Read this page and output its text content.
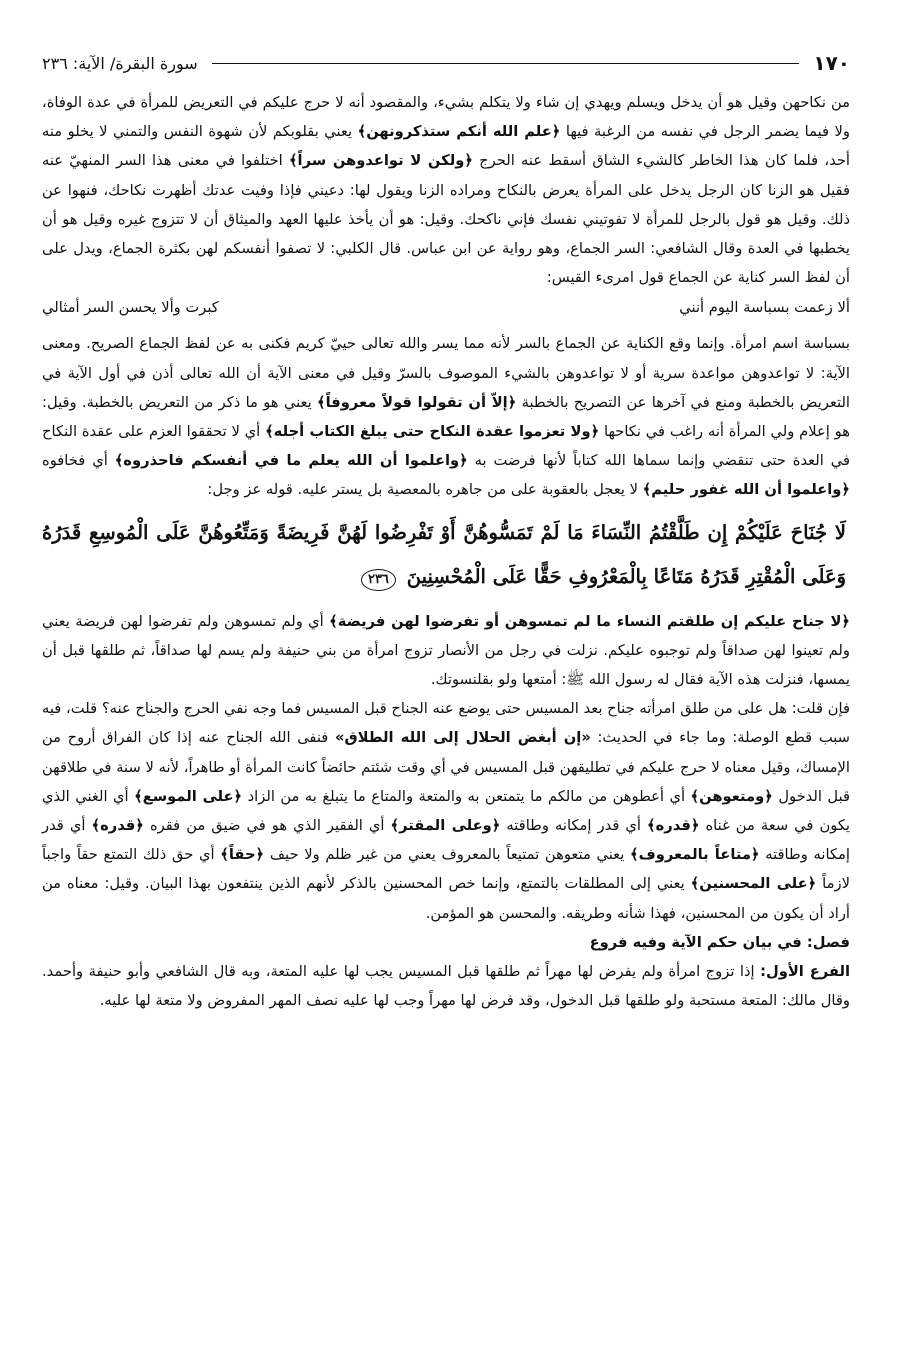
١٧٠
سورة البقرة/ الآية: ٢٣٦

من نكاحهن وقيل هو أن يدخل ويسلم ويهدي إن شاء ولا يتكلم بشيء، والمقصود أنه لا حرج عليكم في التعريض للمرأة في عدة الوفاة، ولا فيما يضمر الرجل في نفسه من الرغبة فيها ﴿علم الله أنكم ستذكرونهن﴾ يعني بقلوبكم لأن شهوة النفس والتمني لا يخلو منه أحد، فلما كان هذا الخاطر كالشيء الشاق أسقط عنه الحرج ﴿ولكن لا تواعدوهن سراً﴾ اختلفوا في معنى هذا السر المنهيّ عنه فقيل هو الزنا كان الرجل يدخل على المرأة يعرض بالنكاح ومراده الزنا ويقول لها: دعيني فإذا وفيت عدتك أظهرت نكاحك، فنهوا عن ذلك. وقيل هو قول بالرجل للمرأة لا تفوتيني نفسك فإني ناكحك. وقيل: هو أن يأخذ عليها العهد والميثاق أن لا تتزوج غيره وقيل هو أن يخطبها في العدة وقال الشافعي: السر الجماع، وهو رواية عن ابن عباس. قال الكلبي: لا تصفوا أنفسكم لهن بكثرة الجماع، ويدل على أن لفظ السر كناية عن الجماع قول امرىء القيس:

ألا زعمت بسباسة اليوم أنني
كبرت وألا يحسن السر أمثالي

بسباسة اسم امرأة. وإنما وقع الكناية عن الجماع بالسر لأنه مما يسر والله تعالى حييّ كريم فكنى به عن لفظ الجماع الصريح. ومعنى الآية: لا تواعدوهن مواعدة سرية أو لا تواعدوهن بالشيء الموصوف بالسرّ وقيل في معنى الآية أن الله تعالى أذن في أول الآية في التعريض بالخطبة ومنع في آخرها عن التصريح بالخطبة ﴿إلاّ أن تقولوا قولاً معروفاً﴾ يعني هو ما ذكر من التعريض بالخطبة. وقيل: هو إعلام ولي المرأة أنه راغب في نكاحها ﴿ولا تعزموا عقدة النكاح حتى يبلغ الكتاب أجله﴾ أي لا تحققوا العزم على عقدة النكاح في العدة حتى تنقضي وإنما سماها الله كتاباً لأنها فرضت به ﴿واعلموا أن الله يعلم ما في أنفسكم فاحذروه﴾ أي فخافوه ﴿واعلموا أن الله غفور حليم﴾ لا يعجل بالعقوبة على من جاهره بالمعصية بل يستر عليه. قوله عز وجل:

لَا جُنَاحَ عَلَيْكُمْ إِن طَلَّقْتُمُ النِّسَاءَ مَا لَمْ تَمَسُّوهُنَّ أَوْ تَفْرِضُوا لَهُنَّ فَرِيضَةً وَمَتِّعُوهُنَّ عَلَى الْمُوسِعِ قَدَرُهُ وَعَلَى الْمُقْتِرِ قَدَرُهُ مَتَاعًا بِالْمَعْرُوفِ حَقًّا عَلَى الْمُحْسِنِينَ ٢٣٦

﴿لا جناح عليكم إن طلقتم النساء ما لم تمسوهن أو تفرضوا لهن فريضة﴾ أي ولم تمسوهن ولم تفرضوا لهن فريضة يعني ولم تعينوا لهن صداقاً ولم توجبوه عليكم. نزلت في رجل من الأنصار تزوج امرأة من بني حنيفة ولم يسم لها صداقاً، ثم طلقها قبل أن يمسها، فنزلت هذه الآية فقال له رسول الله ﷺ: أمتعها ولو بقلنسوتك.

فإن قلت: هل على من طلق امرأته جناح بعد المسيس حتى يوضع عنه الجناح قبل المسيس فما وجه نفي الحرج والجناح عنه؟ قلت، فيه سبب قطع الوصلة: وما جاء في الحديث: «إن أبغض الحلال إلى الله الطلاق» فنفى الله الجناح عنه إذا كان الفراق أروح من الإمساك، وقيل معناه لا حرج عليكم في تطليقهن قبل المسيس في أي وقت شئتم حائضاً كانت المرأة أو طاهراً، لأنه لا سنة في طلاقهن قبل الدخول ﴿ومتعوهن﴾ أي أعطوهن من مالكم ما يتمتعن به والمتعة والمتاع ما يتبلغ به من الزاد ﴿على الموسع﴾ أي الغني الذي يكون في سعة من غناه ﴿قدره﴾ أي قدر إمكانه وطاقته ﴿وعلى المقتر﴾ أي الفقير الذي هو في ضيق من فقره ﴿قدره﴾ أي قدر إمكانه وطاقته ﴿متاعاً بالمعروف﴾ يعني متعوهن تمتيعاً بالمعروف يعني من غير ظلم ولا حيف ﴿حقاً﴾ أي حق ذلك التمتع حقاً واجباً لازماً ﴿على المحسنين﴾ يعني إلى المطلقات بالتمتع، وإنما خص المحسنين بالذكر لأنهم الذين ينتفعون بهذا البيان. وقيل: معناه من أراد أن يكون من المحسنين، فهذا شأنه وطريقه. والمحسن هو المؤمن.

فصل: في بيان حكم الآية وفيه فروع

الفرع الأول: إذا تزوج امرأة ولم يفرض لها مهراً ثم طلقها قبل المسيس يجب لها عليه المتعة، وبه قال الشافعي وأبو حنيفة وأحمد. وقال مالك: المتعة مستحبة ولو طلقها قبل الدخول، وقد فرض لها مهراً وجب لها عليه نصف المهر المفروض ولا متعة لها عليه.
